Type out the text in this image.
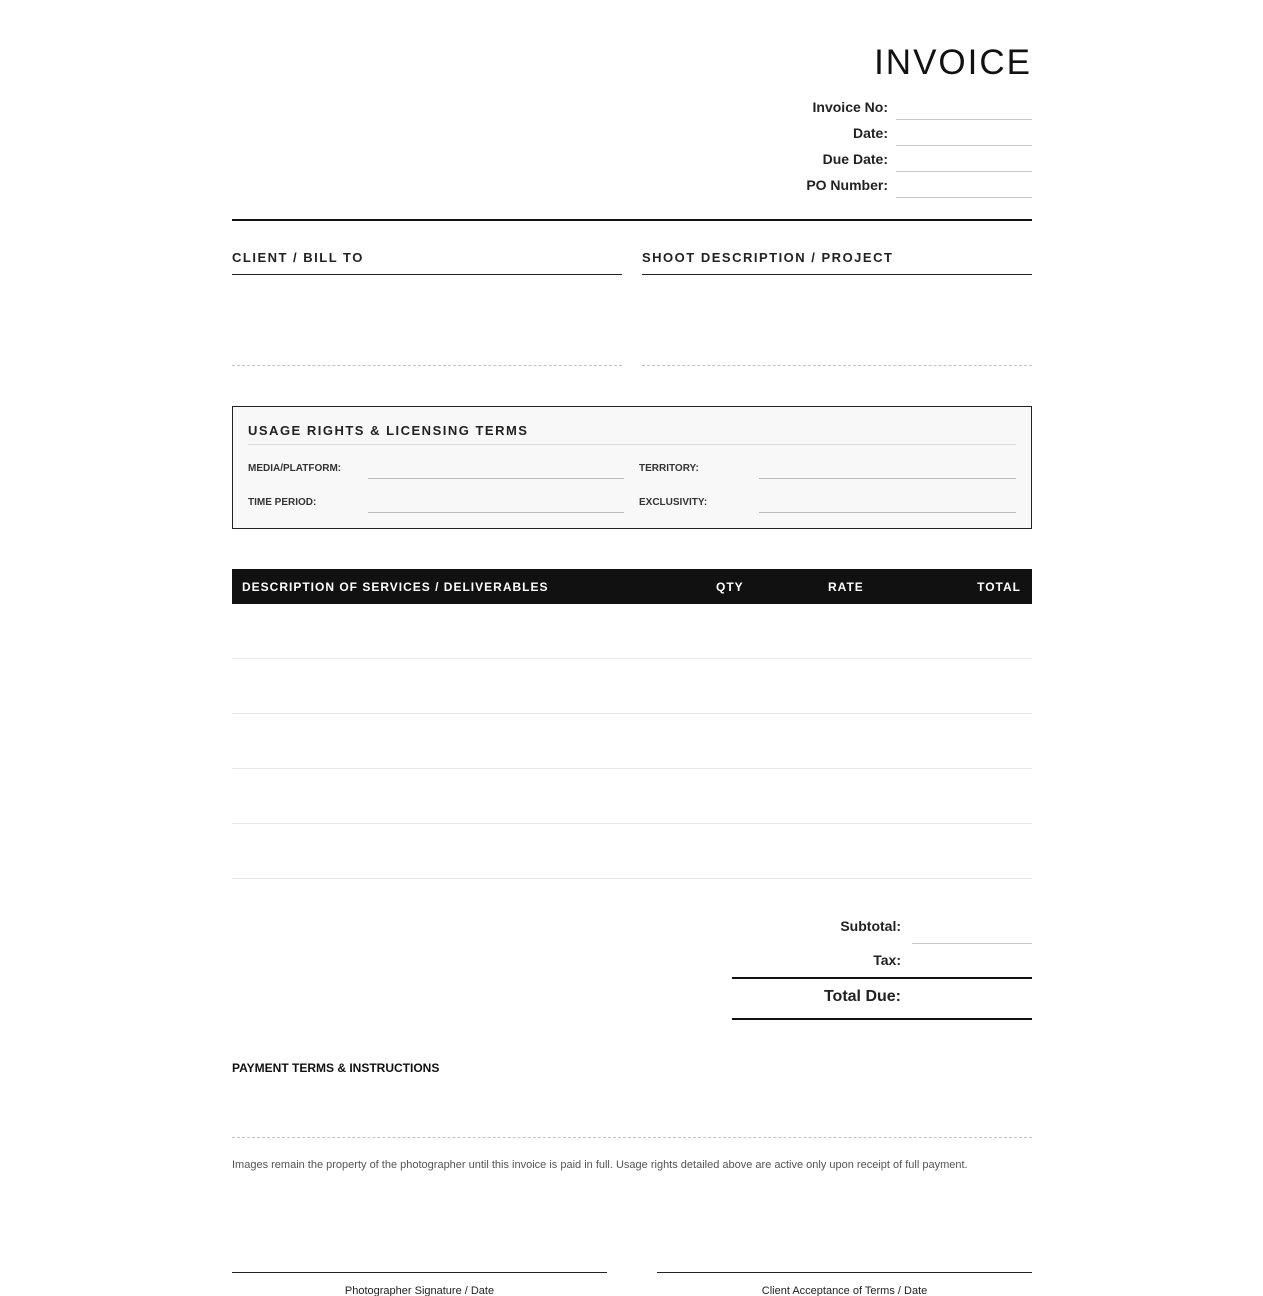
INVOICE
Invoice No:
Date:
Due Date:
PO Number:
CLIENT / BILL TO	SHOOT DESCRIPTION / PROJECT
USAGE RIGHTS & LICENSING TERMS
MEDIA/PLATFORM:	TERRITORY:
TIME PERIOD:	EXCLUSIVITY:
DESCRIPTION OF SERVICES / DELIVERABLES	QTY	RATE	TOTAL
Subtotal:
Tax:
Total Due:
PAYMENT TERMS & INSTRUCTIONS
Images remain the property of the photographer until this invoice is paid in full. Usage rights detailed above are active only upon receipt of full payment.
Photographer Signature / Date	Client Acceptance of Terms / Date
